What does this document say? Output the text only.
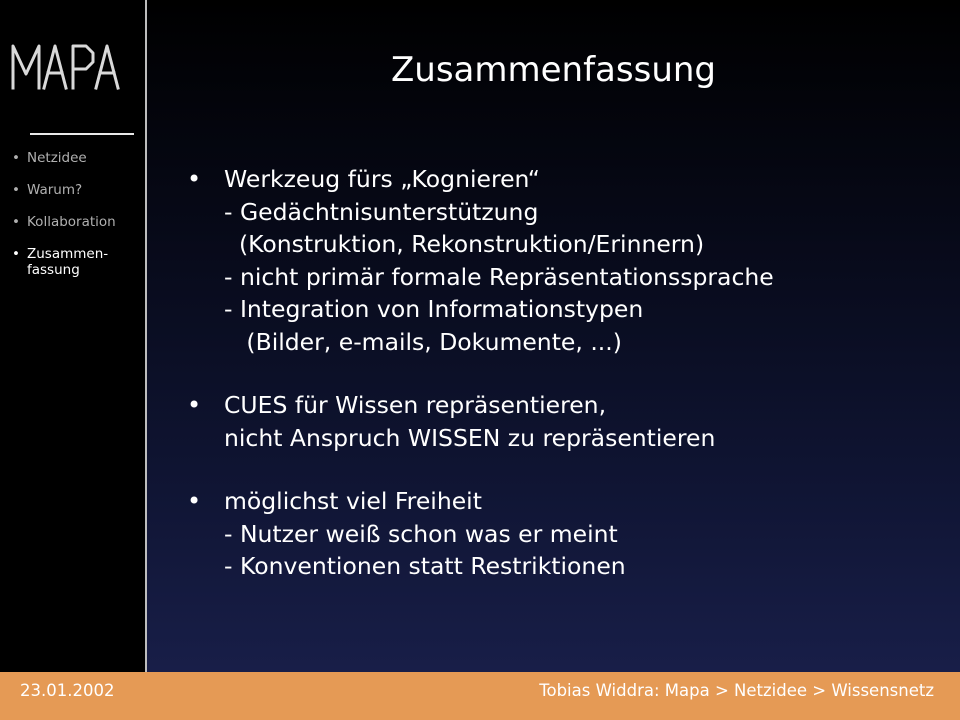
• Netzidee
• Warum?
• Kollaboration
• Zusammen-
fassung
Zusammenfassung
• Werkzeug fürs „Kognieren“
- Gedächtnisunterstützung
(Konstruktion, Rekonstruktion/Erinnern)
- nicht primär formale Repräsentationssprache
- Integration von Informationstypen
(Bilder, e-mails, Dokumente, ...)
• CUES für Wissen repräsentieren,
nicht Anspruch WISSEN zu repräsentieren
• möglichst viel Freiheit
- Nutzer weiß schon was er meint
- Konventionen statt Restriktionen
23.01.2002	Tobias Widdra: Mapa > Netzidee > Wissensnetz
